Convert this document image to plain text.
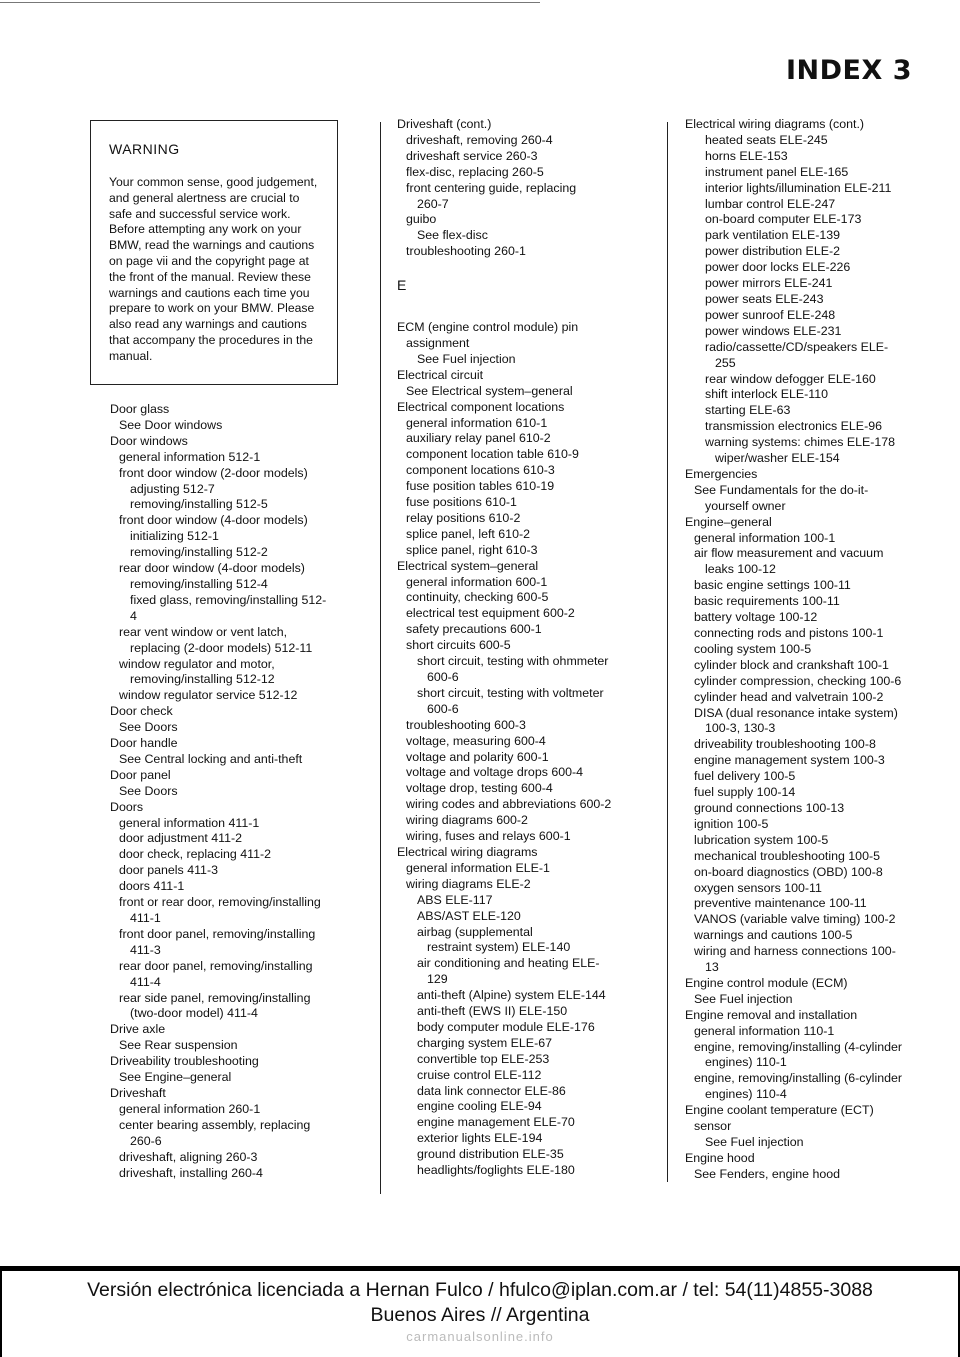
INDEX 3
WARNING
Your common sense, good judgement, and general alertness are crucial to safe and successful service work. Before attempting any work on your BMW, read the warnings and cautions on page vii and the copyright page at the front of the manual. Review these warnings and cautions each time you prepare to work on your BMW. Please also read any warnings and cautions that accompany the procedures in the manual.
Door glass
See Door windows
Door windows
general information 512-1
front door window (2-door models)
adjusting 512-7
removing/installing 512-5
front door window (4-door models)
initializing 512-1
removing/installing 512-2
rear door window (4-door models)
removing/installing 512-4
fixed glass, removing/installing 512-
4
rear vent window or vent latch,
replacing (2-door models) 512-11
window regulator and motor,
removing/installing 512-12
window regulator service 512-12
Door check
See Doors
Door handle
See Central locking and anti-theft
Door panel
See Doors
Doors
general information 411-1
door adjustment 411-2
door check, replacing 411-2
door panels 411-3
doors 411-1
front or rear door, removing/installing
411-1
front door panel, removing/installing
411-3
rear door panel, removing/installing
411-4
rear side panel, removing/installing
(two-door model) 411-4
Drive axle
See Rear suspension
Driveability troubleshooting
See Engine–general
Driveshaft
general information 260-1
center bearing assembly, replacing
260-6
driveshaft, aligning 260-3
driveshaft, installing 260-4
Driveshaft (cont.)
driveshaft, removing 260-4
driveshaft service 260-3
flex-disc, replacing 260-5
front centering guide, replacing
260-7
guibo
See flex-disc
troubleshooting 260-1
E
ECM (engine control module) pin
assignment
See Fuel injection
Electrical circuit
See Electrical system–general
Electrical component locations
general information 610-1
auxiliary relay panel 610-2
component location table 610-9
component locations 610-3
fuse position tables 610-19
fuse positions 610-1
relay positions 610-2
splice panel, left 610-2
splice panel, right 610-3
Electrical system–general
general information 600-1
continuity, checking 600-5
electrical test equipment 600-2
safety precautions 600-1
short circuits 600-5
short circuit, testing with ohmmeter
600-6
short circuit, testing with voltmeter
600-6
troubleshooting 600-3
voltage, measuring 600-4
voltage and polarity 600-1
voltage and voltage drops 600-4
voltage drop, testing 600-4
wiring codes and abbreviations 600-2
wiring diagrams 600-2
wiring, fuses and relays 600-1
Electrical wiring diagrams
general information ELE-1
wiring diagrams ELE-2
ABS ELE-117
ABS/AST ELE-120
airbag (supplemental
restraint system) ELE-140
air conditioning and heating ELE-
129
anti-theft (Alpine) system ELE-144
anti-theft (EWS II) ELE-150
body computer module ELE-176
charging system ELE-67
convertible top ELE-253
cruise control ELE-112
data link connector ELE-86
engine cooling ELE-94
engine management ELE-70
exterior lights ELE-194
ground distribution ELE-35
headlights/foglights ELE-180
Electrical wiring diagrams (cont.)
heated seats ELE-245
horns ELE-153
instrument panel ELE-165
interior lights/illumination ELE-211
lumbar control ELE-247
on-board computer ELE-173
park ventilation ELE-139
power distribution ELE-2
power door locks ELE-226
power mirrors ELE-241
power seats ELE-243
power sunroof ELE-248
power windows ELE-231
radio/cassette/CD/speakers ELE-
255
rear window defogger ELE-160
shift interlock ELE-110
starting ELE-63
transmission electronics ELE-96
warning systems: chimes ELE-178
wiper/washer ELE-154
Emergencies
See Fundamentals for the do-it-
yourself owner
Engine–general
general information 100-1
air flow measurement and vacuum
leaks 100-12
basic engine settings 100-11
basic requirements 100-11
battery voltage 100-12
connecting rods and pistons 100-1
cooling system 100-5
cylinder block and crankshaft 100-1
cylinder compression, checking 100-6
cylinder head and valvetrain 100-2
DISA (dual resonance intake system)
100-3, 130-3
driveability troubleshooting 100-8
engine management system 100-3
fuel delivery 100-5
fuel supply 100-14
ground connections 100-13
ignition 100-5
lubrication system 100-5
mechanical troubleshooting 100-5
on-board diagnostics (OBD) 100-8
oxygen sensors 100-11
preventive maintenance 100-11
VANOS (variable valve timing) 100-2
warnings and cautions 100-5
wiring and harness connections 100-
13
Engine control module (ECM)
See Fuel injection
Engine removal and installation
general information 110-1
engine, removing/installing (4-cylinder
engines) 110-1
engine, removing/installing (6-cylinder
engines) 110-4
Engine coolant temperature (ECT)
sensor
See Fuel injection
Engine hood
See Fenders, engine hood
Versión electrónica licenciada a Hernan Fulco / hfulco@iplan.com.ar / tel: 54(11)4855-3088
Buenos Aires // Argentina
carmanualsonline.info
